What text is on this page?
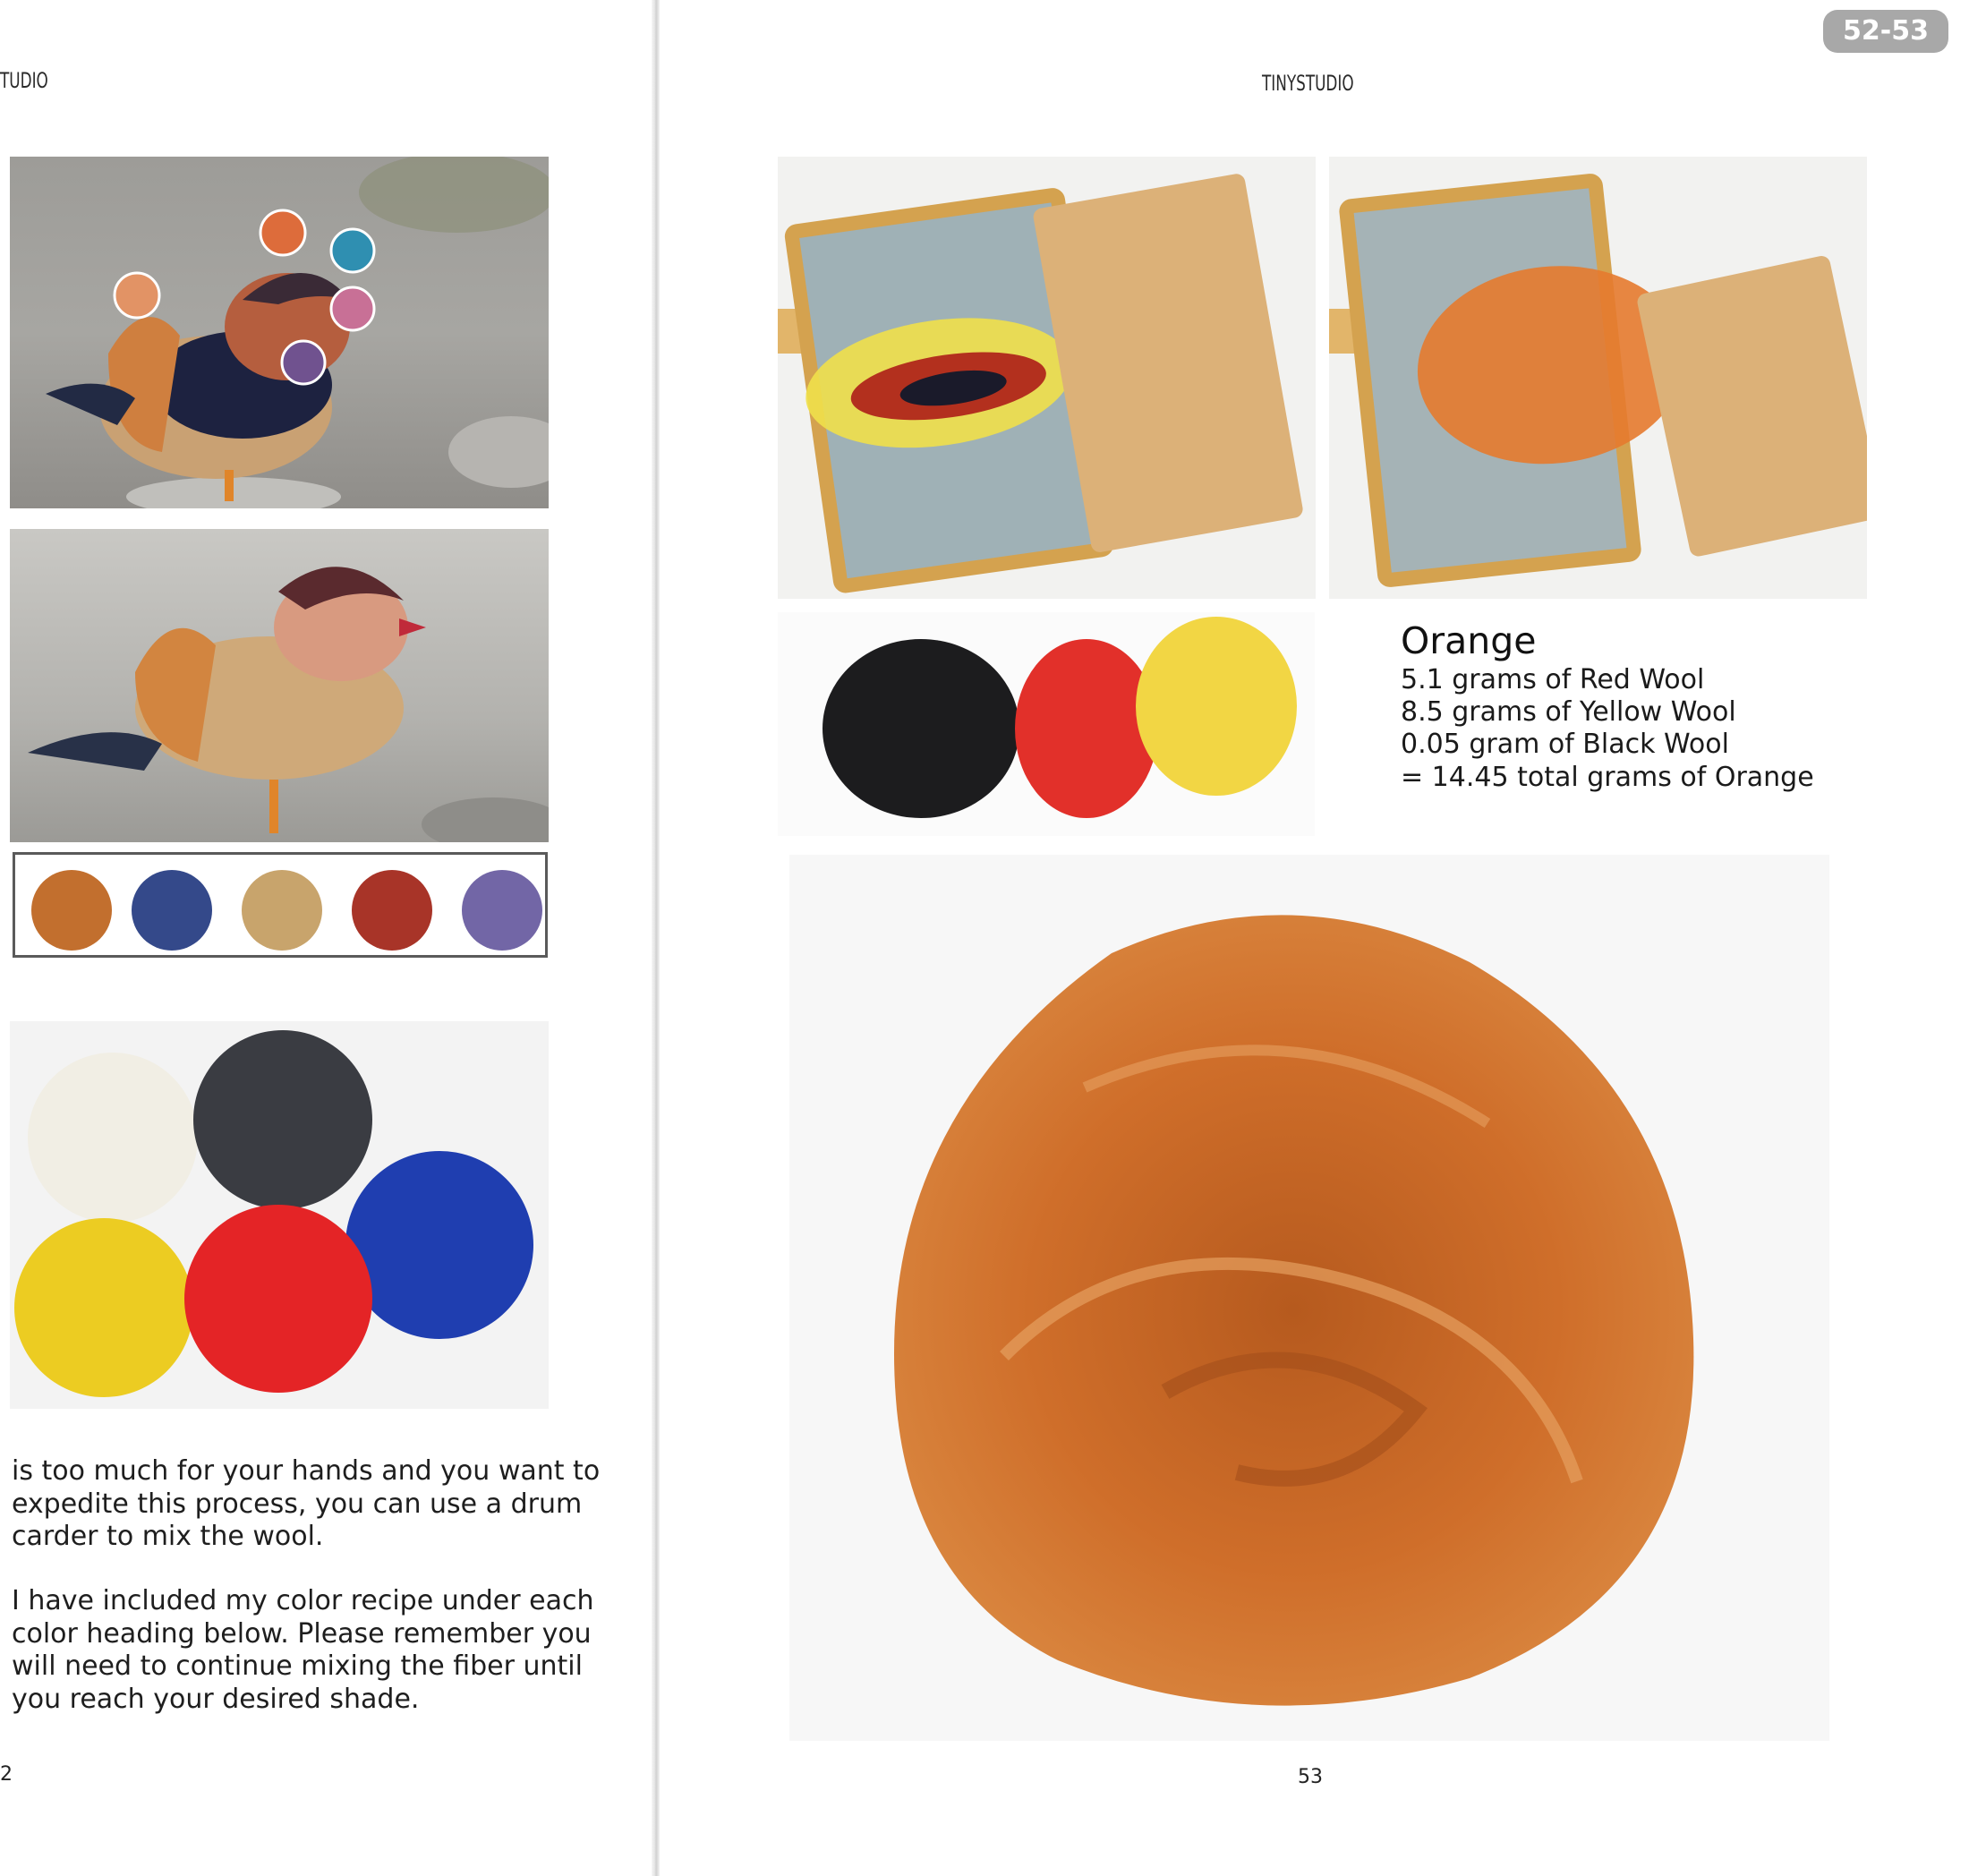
TUDIO
is too much for your hands and you want to
expedite this process, you can use a drum
carder to mix the wool.
I have included my color recipe under each
color heading below. Please remember you
will need to continue mixing the fiber until
you reach your desired shade.
2
TINYSTUDIO
Orange
5.1 grams of Red Wool
8.5 grams of Yellow Wool
0.05 gram of Black Wool
= 14.45 total grams of Orange
53
52-53
